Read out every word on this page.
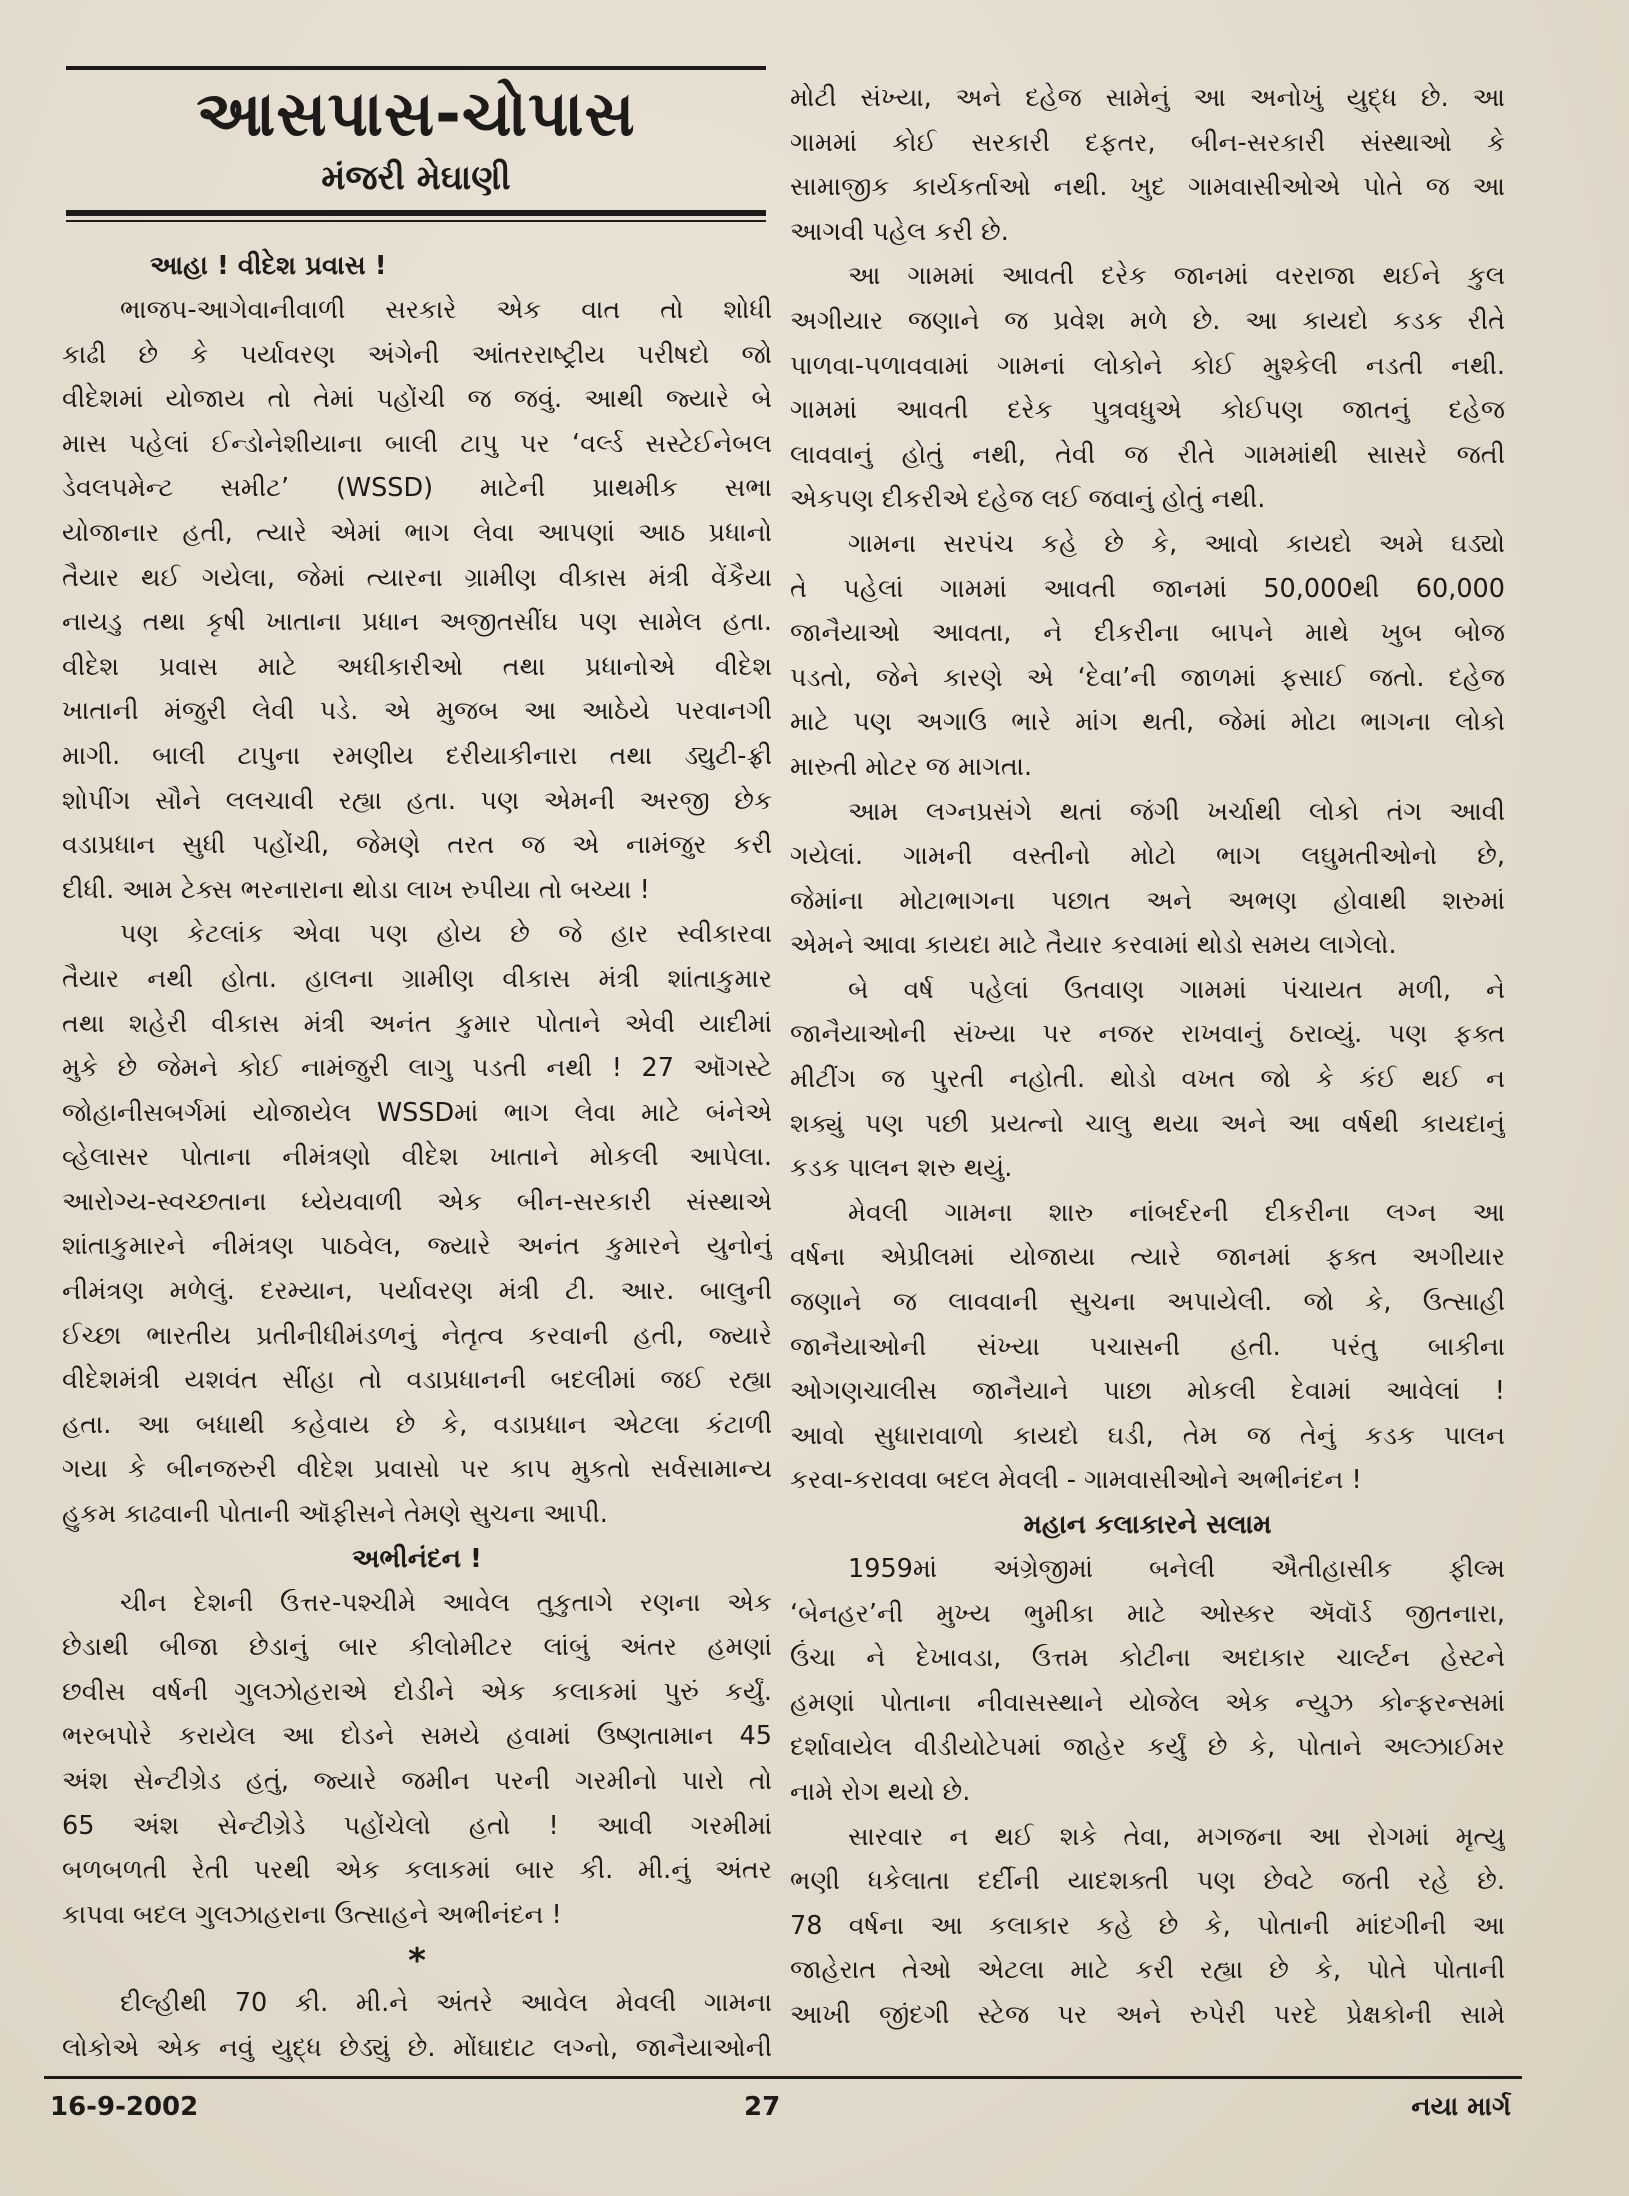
આસપાસ-ચોપાસ
મંજરી મેઘાણી

આહા ! વીદેશ પ્રવાસ !

ભાજપ-આગેવાનીવાળી સરકારે એક વાત તો શોધી

કાઢી છે કે પર્યાવરણ અંગેની આંતરરાષ્ટ્રીય પરીષદો જો

વીદેશમાં યોજાય તો તેમાં પહોંચી જ જવું. આથી જ્યારે બે

માસ પહેલાં ઈન્ડોનેશીયાના બાલી ટાપુ પર ‘વર્લ્ડ સસ્ટેઈનેબલ

ડેવલપમેન્ટ સમીટ’ (WSSD) માટેની પ્રાથમીક સભા

યોજાનાર હતી, ત્યારે એમાં ભાગ લેવા આપણાં આઠ પ્રધાનો

તૈયાર થઈ ગયેલા, જેમાં ત્યારના ગ્રામીણ વીકાસ મંત્રી વેંકૈયા

નાયડુ તથા કૃષી ખાતાના પ્રધાન અજીતસીંઘ પણ સામેલ હતા.

વીદેશ પ્રવાસ માટે અધીકારીઓ તથા પ્રધાનોએ વીદેશ

ખાતાની મંજુરી લેવી પડે. એ મુજબ આ આઠેયે પરવાનગી

માગી. બાલી ટાપુના રમણીય દરીયાકીનારા તથા ડ્યુટી-ફ્રી

શોપીંગ સૌને લલચાવી રહ્યા હતા. પણ એમની અરજી છેક

વડાપ્રધાન સુધી પહોંચી, જેમણે તરત જ એ નામંજુર કરી

દીધી. આમ ટેક્સ ભરનારાના થોડા લાખ રુપીયા તો બચ્યા !

પણ કેટલાંક એવા પણ હોય છે જે હાર સ્વીકારવા

તૈયાર નથી હોતા. હાલના ગ્રામીણ વીકાસ મંત્રી શાંતાકુમાર

તથા શહેરી વીકાસ મંત્રી અનંત કુમાર પોતાને એવી યાદીમાં

મુકે છે જેમને કોઈ નામંજુરી લાગુ પડતી નથી ! 27 ઑગસ્ટે

જોહાનીસબર્ગમાં યોજાયેલ WSSDમાં ભાગ લેવા માટે બંનેએ

વ્હેલાસર પોતાના નીમંત્રણો વીદેશ ખાતાને મોકલી આપેલા.

આરોગ્ય-સ્વચ્છતાના ધ્યેયવાળી એક બીન-સરકારી સંસ્થાએ

શાંતાકુમારને નીમંત્રણ પાઠવેલ, જ્યારે અનંત કુમારને યુનોનું

નીમંત્રણ મળેલું. દરમ્યાન, પર્યાવરણ મંત્રી ટી. આર. બાલુની

ઈચ્છા ભારતીય પ્રતીનીધીમંડળનું નેતૃત્વ કરવાની હતી, જ્યારે

વીદેશમંત્રી યશવંત સીંહા તો વડાપ્રધાનની બદલીમાં જઈ રહ્યા

હતા. આ બધાથી કહેવાય છે કે, વડાપ્રધાન એટલા કંટાળી

ગયા કે બીનજરુરી વીદેશ પ્રવાસો પર કાપ મુકતો સર્વસામાન્ય

હુકમ કાઢવાની પોતાની ઑફીસને તેમણે સુચના આપી.

અભીનંદન !

ચીન દેશની ઉત્તર-પશ્ચીમે આવેલ તુકુતાગે રણના એક

છેડાથી બીજા છેડાનું બાર કીલોમીટર લાંબું અંતર હમણાં

છવીસ વર્ષની ગુલઝોહરાએ દોડીને એક કલાકમાં પુરું કર્યું.

ભરબપોરે કરાયેલ આ દોડને સમયે હવામાં ઉષ્ણતામાન 45

અંશ સેન્ટીગ્રેડ હતું, જ્યારે જમીન પરની ગરમીનો પારો તો

65 અંશ સેન્ટીગ્રેડે પહોંચેલો હતો ! આવી ગરમીમાં

બળબળતી રેતી પરથી એક કલાકમાં બાર કી. મી.નું અંતર

કાપવા બદલ ગુલઝાહરાના ઉત્સાહને અભીનંદન !

*

દીલ્હીથી 70 કી. મી.ને અંતરે આવેલ મેવલી ગામના

લોકોએ એક નવું યુદ્ધ છેડ્યું છે. મોંઘાદાટ લગ્નો, જાનૈયાઓની

મોટી સંખ્યા, અને દહેજ સામેનું આ અનોખું યુદ્ધ છે. આ

ગામમાં કોઈ સરકારી દફતર, બીન-સરકારી સંસ્થાઓ કે

સામાજીક કાર્યકર્તાઓ નથી. ખુદ ગામવાસીઓએ પોતે જ આ

આગવી પહેલ કરી છે.

આ ગામમાં આવતી દરેક જાનમાં વરરાજા થઈને કુલ

અગીયાર જણાને જ પ્રવેશ મળે છે. આ કાયદો કડક રીતે

પાળવા-પળાવવામાં ગામનાં લોકોને કોઈ મુશ્કેલી નડતી નથી.

ગામમાં આવતી દરેક પુત્રવધુએ કોઈપણ જાતનું દહેજ

લાવવાનું હોતું નથી, તેવી જ રીતે ગામમાંથી સાસરે જતી

એકપણ દીકરીએ દહેજ લઈ જવાનું હોતું નથી.

ગામના સરપંચ કહે છે કે, આવો કાયદો અમે ઘડ્યો

તે પહેલાં ગામમાં આવતી જાનમાં 50,000થી 60,000

જાનૈયાઓ આવતા, ને દીકરીના બાપને માથે ખુબ બોજ

પડતો, જેને કારણે એ ‘દેવા’ની જાળમાં ફસાઈ જતો. દહેજ

માટે પણ અગાઉ ભારે માંગ થતી, જેમાં મોટા ભાગના લોકો

મારુતી મોટર જ માગતા.

આમ લગ્નપ્રસંગે થતાં જંગી ખર્ચાથી લોકો તંગ આવી

ગયેલાં. ગામની વસ્તીનો મોટો ભાગ લઘુમતીઓનો છે,

જેમાંના મોટાભાગના પછાત અને અભણ હોવાથી શરુમાં

એમને આવા કાયદા માટે તૈયાર કરવામાં થોડો સમય લાગેલો.

બે વર્ષ પહેલાં ઉતવાણ ગામમાં પંચાયત મળી, ને

જાનૈયાઓની સંખ્યા પર નજર રાખવાનું ઠરાવ્યું. પણ ફક્ત

મીટીંગ જ પુરતી નહોતી. થોડો વખત જો કે કંઈ થઈ ન

શક્યું પણ પછી પ્રયત્નો ચાલુ થયા અને આ વર્ષથી કાયદાનું

કડક પાલન શરુ થયું.

મેવલી ગામના શારુ નાંબર્દરની દીકરીના લગ્ન આ

વર્ષના એપ્રીલમાં યોજાયા ત્યારે જાનમાં ફક્ત અગીયાર

જણાને જ લાવવાની સુચના અપાયેલી. જો કે, ઉત્સાહી

જાનૈયાઓની સંખ્યા પચાસની હતી. પરંતુ બાકીના

ઓગણચાલીસ જાનૈયાને પાછા મોકલી દેવામાં આવેલાં !

આવો સુધારાવાળો કાયદો ઘડી, તેમ જ તેનું કડક પાલન

કરવા-કરાવવા બદલ મેવલી - ગામવાસીઓને અભીનંદન !

મહાન કલાકારને સલામ

1959માં અંગ્રેજીમાં બનેલી ઐતીહાસીક ફીલ્મ

‘બેનહર’ની મુખ્ય ભુમીકા માટે ઓસ્કર ઍવૉર્ડ જીતનારા,

ઉંચા ને દેખાવડા, ઉત્તમ કોટીના અદાકાર ચાર્લ્ટન હેસ્ટને

હમણાં પોતાના નીવાસસ્થાને યોજેલ એક ન્યુઝ કોન્ફરન્સમાં

દર્શાવાયેલ વીડીયોટેપમાં જાહેર કર્યું છે કે, પોતાને અલ્ઝાઈમર

નામે રોગ થયો છે.

સારવાર ન થઈ શકે તેવા, મગજના આ રોગમાં મૃત્યુ

ભણી ધકેલાતા દર્દીની યાદશક્તી પણ છેવટે જતી રહે છે.

78 વર્ષના આ કલાકાર કહે છે કે, પોતાની માંદગીની આ

જાહેરાત તેઓ એટલા માટે કરી રહ્યા છે કે, પોતે પોતાની

આખી જીંદગી સ્ટેજ પર અને રુપેરી પરદે પ્રેક્ષકોની સામે

16-9-2002	27	નયા માર્ગ
